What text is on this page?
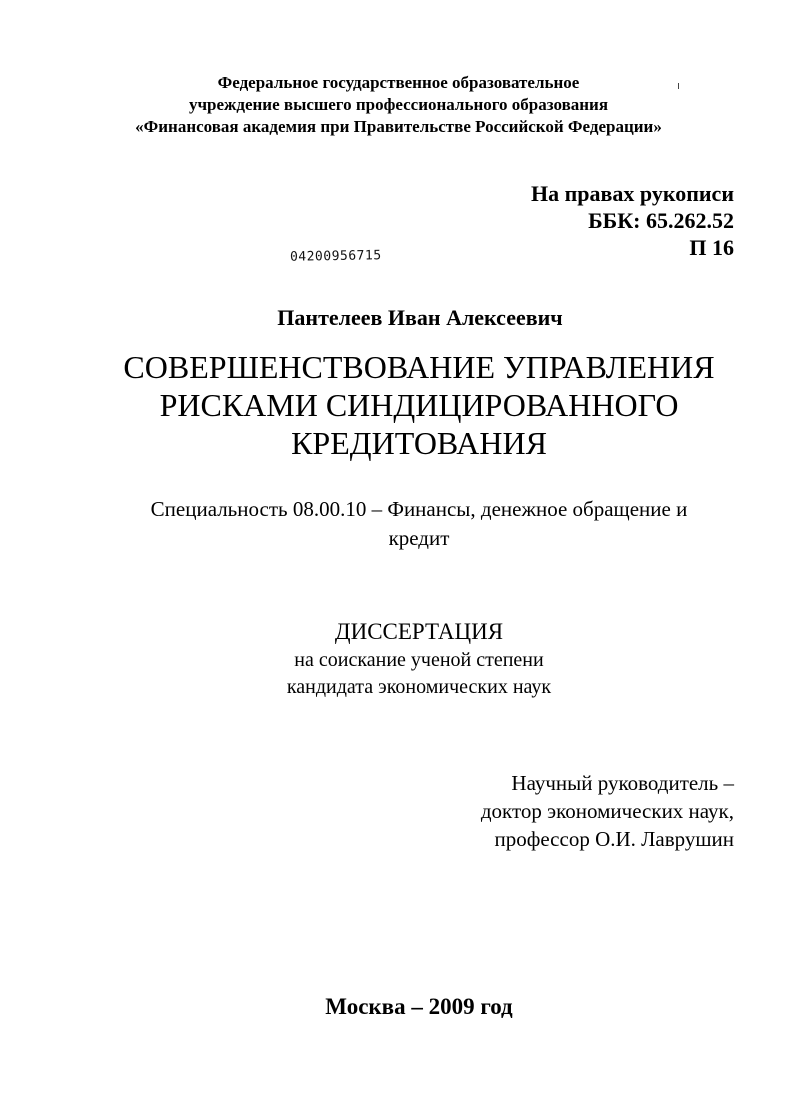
Федеральное государственное образовательное
учреждение высшего профессионального образования
«Финансовая академия при Правительстве Российской Федерации»
На правах рукописи
ББК: 65.262.52
П 16
04200956715
Пантелеев Иван Алексеевич
СОВЕРШЕНСТВОВАНИЕ УПРАВЛЕНИЯ
РИСКАМИ СИНДИЦИРОВАННОГО
КРЕДИТОВАНИЯ
Специальность 08.00.10 – Финансы, денежное обращение и
кредит
ДИССЕРТАЦИЯ
на соискание ученой степени
кандидата экономических наук
Научный руководитель –
доктор экономических наук,
профессор О.И. Лаврушин
Москва – 2009 год
